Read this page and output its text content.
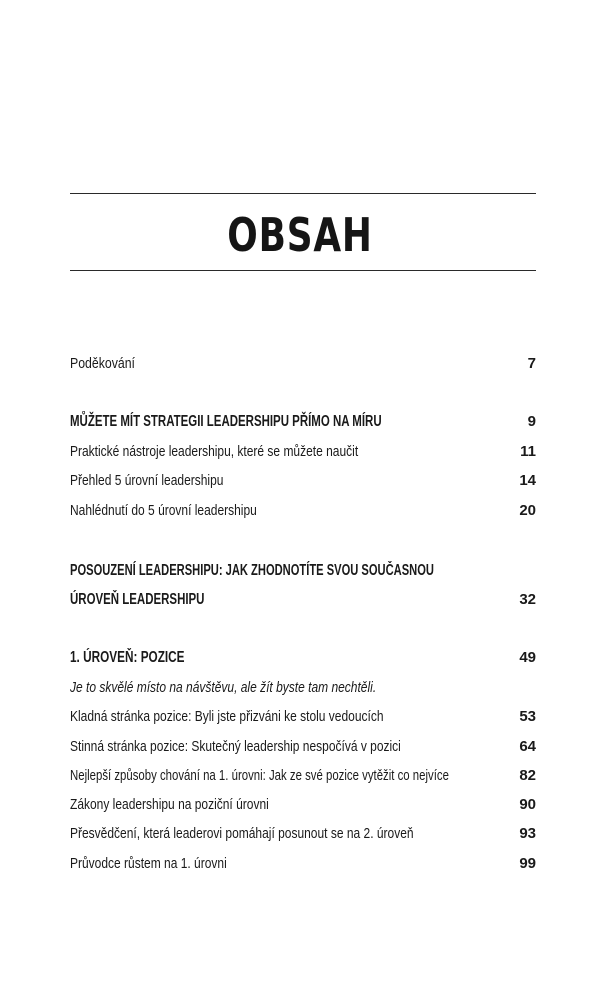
OBSAH
Poděkování	7
MŮŽETE MÍT STRATEGII LEADERSHIPU PŘÍMO NA MÍRU	9
Praktické nástroje leadershipu, které se můžete naučit	11
Přehled 5 úrovní leadershipu	14
Nahlédnutí do 5 úrovní leadershipu	20
POSOUZENÍ LEADERSHIPU: JAK ZHODNOTÍTE SVOU SOUČASNOU
ÚROVEŇ LEADERSHIPU	32
1. ÚROVEŇ: POZICE	49
Je to skvělé místo na návštěvu, ale žít byste tam nechtěli.
Kladná stránka pozice: Byli jste přizváni ke stolu vedoucích	53
Stinná stránka pozice: Skutečný leadership nespočívá v pozici	64
Nejlepší způsoby chování na 1. úrovni: Jak ze své pozice vytěžit co nejvíce	82
Zákony leadershipu na poziční úrovni	90
Přesvědčení, která leaderovi pomáhají posunout se na 2. úroveň	93
Průvodce růstem na 1. úrovni	99
